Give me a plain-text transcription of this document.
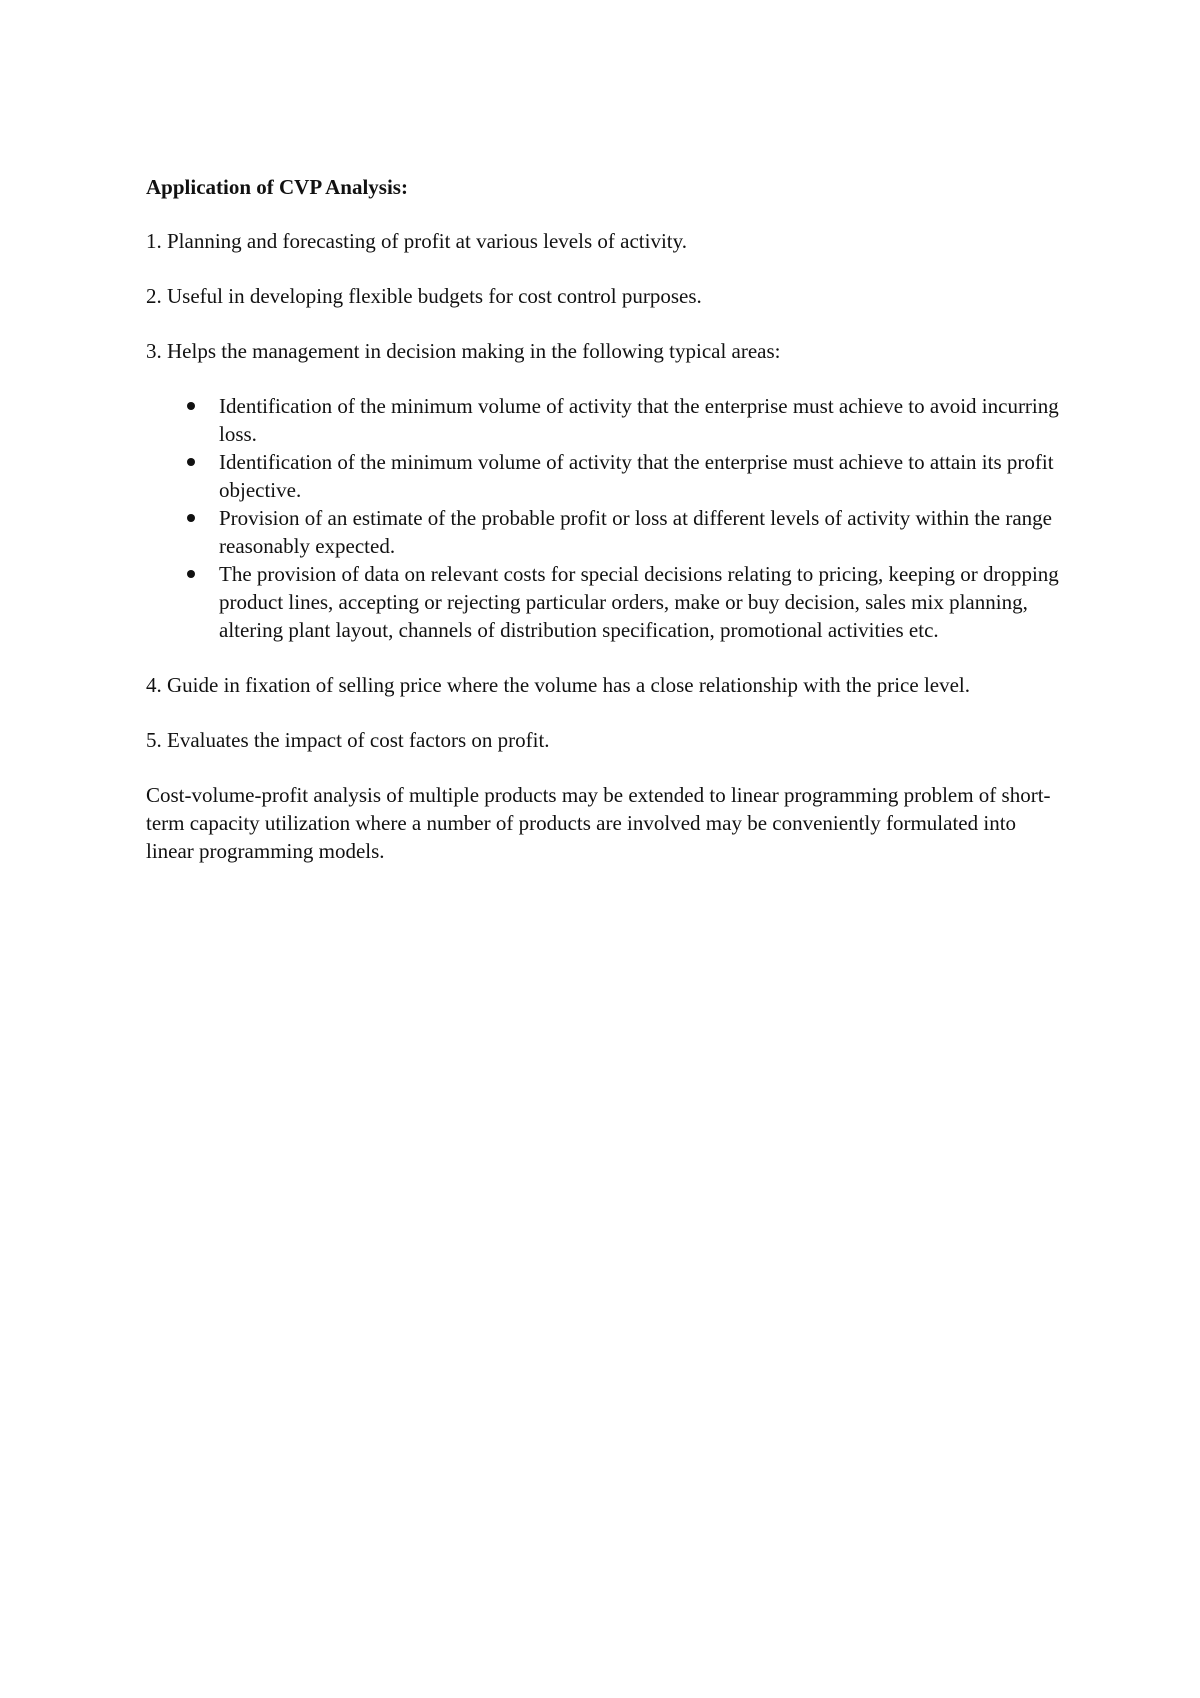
Application of CVP Analysis:

1. Planning and forecasting of profit at various levels of activity.

2. Useful in developing flexible budgets for cost control purposes.

3. Helps the management in decision making in the following typical areas:

Identification of the minimum volume of activity that the enterprise must achieve to avoid incurring loss.
Identification of the minimum volume of activity that the enterprise must achieve to attain its profit objective.
Provision of an estimate of the probable profit or loss at different levels of activity within the range reasonably expected.
The provision of data on relevant costs for special decisions relating to pricing, keeping or dropping product lines, accepting or rejecting particular orders, make or buy decision, sales mix planning, altering plant layout, channels of distribution specification, promotional activities etc.

4. Guide in fixation of selling price where the volume has a close relationship with the price level.

5. Evaluates the impact of cost factors on profit.

Cost-volume-profit analysis of multiple products may be extended to linear programming problem of short-term capacity utilization where a number of products are involved may be conveniently formulated into linear programming models.
